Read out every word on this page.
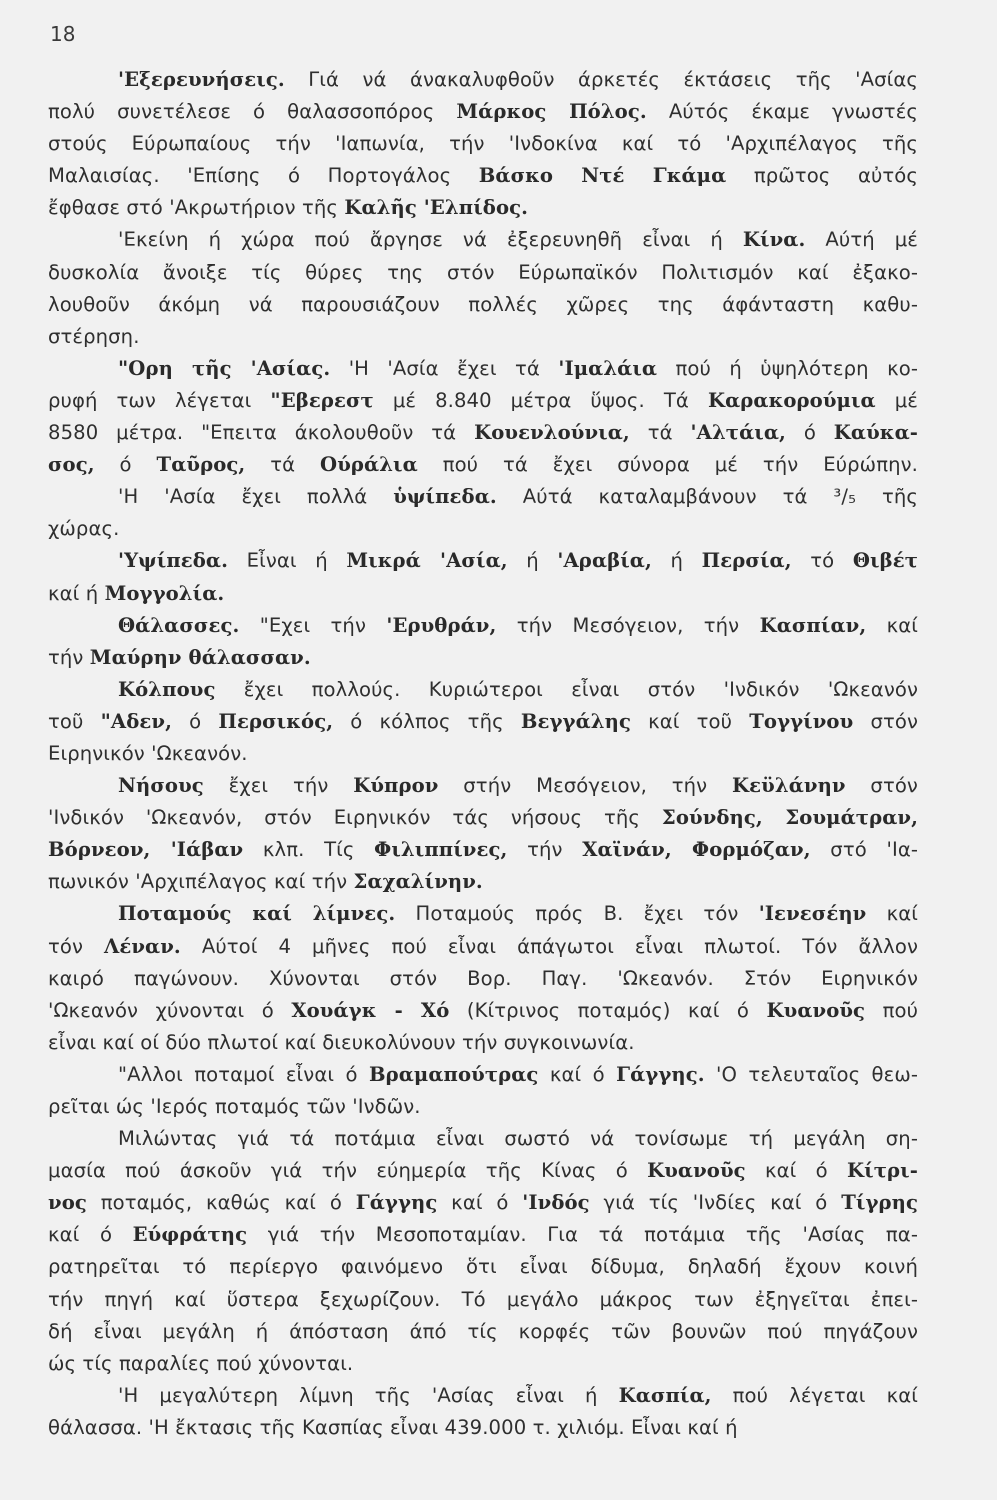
18
'Εξερευνήσεις. Γιά νά άνακαλυφθοῦν άρκετές έκτάσεις τῆς 'Ασίας
πολύ συνετέλεσε ό θαλασσοπόρος Μάρκος Πόλος. Αύτός έκαμε γνωστές
στούς Εύρωπαίους τήν 'Ιαπωνία, τήν 'Ινδοκίνα καί τό 'Αρχιπέλαγος τῆς
Μαλαισίας. 'Επίσης ό Πορτογάλος Βάσκο Ντέ Γκάμα πρῶτος αὐτός
ἔφθασε στό 'Ακρωτήριον τῆς Καλῆς 'Ελπίδος.
'Εκείνη ή χώρα πού ἄργησε νά ἐξερευνηθῆ εἶναι ή Κίνα. Αύτή μέ
δυσκολία ἄνοιξε τίς θύρες της στόν Εύρωπαϊκόν Πολιτισμόν καί ἐξακο-
λουθοῦν άκόμη νά παρουσιάζουν πολλές χῶρες της άφάνταστη καθυ-
στέρηση.
"Ορη τῆς 'Ασίας. 'Η 'Ασία ἔχει τά 'Ιμαλάια πού ή ὑψηλότερη κο-
ρυφή των λέγεται "Εβερεστ μέ 8.840 μέτρα ὕψος. Τά Καρακορούμια μέ
8580 μέτρα. "Επειτα άκολουθοῦν τά Κουενλούνια, τά 'Αλτάια, ό Καύκα-
σος, ό Ταῦρος, τά Ούράλια πού τά ἔχει σύνορα μέ τήν Εύρώπην.
'Η 'Ασία ἔχει πολλά ὑψίπεδα. Αύτά καταλαμβάνουν τά ³/₅ τῆς
χώρας.
'Υψίπεδα. Εἶναι ή Μικρά 'Ασία, ή 'Αραβία, ή Περσία, τό Θιβέτ
καί ή Μογγολία.
Θάλασσες. "Εχει τήν 'Ερυθράν, τήν Μεσόγειον, τήν Κασπίαν, καί
τήν Μαύρην θάλασσαν.
Κόλπους ἔχει πολλούς. Κυριώτεροι εἶναι στόν 'Ινδικόν 'Ωκεανόν
τοῦ "Αδεν, ό Περσικός, ό κόλπος τῆς Βεγγάλης καί τοῦ Τογγίνου στόν
Ειρηνικόν 'Ωκεανόν.
Νήσους ἔχει τήν Κύπρον στήν Μεσόγειον, τήν Κεϋλάνην στόν
'Ινδικόν 'Ωκεανόν, στόν Ειρηνικόν τάς νήσους τῆς Σούνδης, Σουμάτραν,
Βόρνεον, 'Ιάβαν κλπ. Τίς Φιλιππίνες, τήν Χαϊνάν, Φορμόζαν, στό 'Ια-
πωνικόν 'Αρχιπέλαγος καί τήν Σαχαλίνην.
Ποταμούς καί λίμνες. Ποταμούς πρός Β. ἔχει τόν 'Ιενεσέην καί
τόν Λέναν. Αύτοί 4 μῆνες πού εἶναι άπάγωτοι εἶναι πλωτοί. Τόν ἄλλον
καιρό παγώνουν. Χύνονται στόν Βορ. Παγ. 'Ωκεανόν. Στόν Ειρηνικόν
'Ωκεανόν χύνονται ό Χουάγκ - Χό (Κίτρινος ποταμός) καί ό Κυανοῦς πού
εἶναι καί οί δύο πλωτοί καί διευκολύνουν τήν συγκοινωνία.
"Αλλοι ποταμοί εἶναι ό Βραμαπούτρας καί ό Γάγγης. 'Ο τελευταῖος θεω-
ρεῖται ώς 'Ιερός ποταμός τῶν 'Ινδῶν.
Μιλώντας γιά τά ποτάμια εἶναι σωστό νά τονίσωμε τή μεγάλη ση-
μασία πού άσκοῦν γιά τήν εύημερία τῆς Κίνας ό Κυανοῦς καί ό Κίτρι-
νος ποταμός, καθώς καί ό Γάγγης καί ό 'Ινδός γιά τίς 'Ινδίες καί ό Τίγρης
καί ό Εύφράτης γιά τήν Μεσοποταμίαν. Για τά ποτάμια τῆς 'Ασίας πα-
ρατηρεῖται τό περίεργο φαινόμενο ὅτι εἶναι δίδυμα, δηλαδή ἔχουν κοινή
τήν πηγή καί ὕστερα ξεχωρίζουν. Τό μεγάλο μάκρος των ἐξηγεῖται ἐπει-
δή εἶναι μεγάλη ή άπόσταση άπό τίς κορφές τῶν βουνῶν πού πηγάζουν
ώς τίς παραλίες πού χύνονται.
'Η μεγαλύτερη λίμνη τῆς 'Ασίας εἶναι ή Κασπία, πού λέγεται καί
θάλασσα. 'Η ἔκτασις τῆς Κασπίας εἶναι 439.000 τ. χιλιόμ. Εἶναι καί ή
